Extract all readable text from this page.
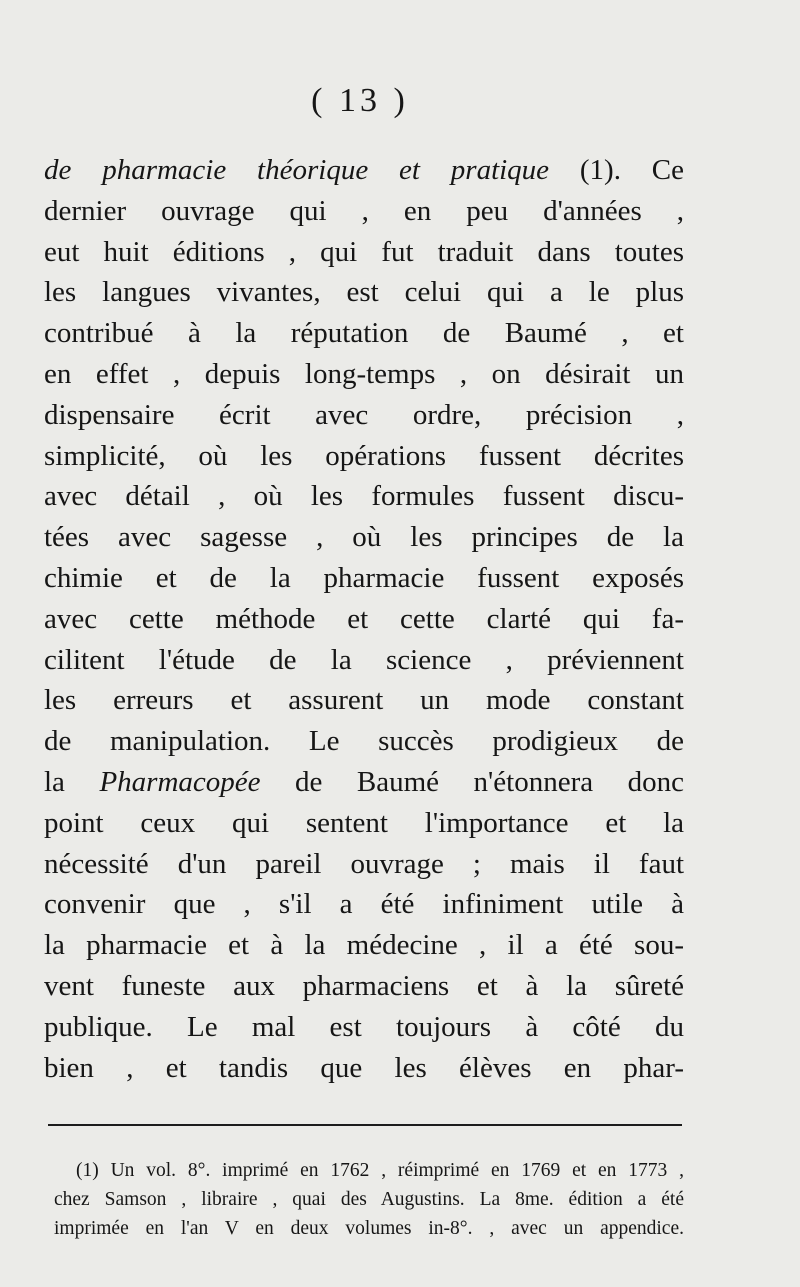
( 13 )
de pharmacie théorique et pratique (1). Ce
dernier ouvrage qui , en peu d'années ,
eut huit éditions , qui fut traduit dans toutes
les langues vivantes, est celui qui a le plus
contribué à la réputation de Baumé , et
en effet , depuis long-temps , on désirait un
dispensaire écrit avec ordre, précision ,
simplicité, où les opérations fussent décrites
avec détail , où les formules fussent discu-
tées avec sagesse , où les principes de la
chimie et de la pharmacie fussent exposés
avec cette méthode et cette clarté qui fa-
cilitent l'étude de la science , préviennent
les erreurs et assurent un mode constant
de manipulation. Le succès prodigieux de
la Pharmacopée de Baumé n'étonnera donc
point ceux qui sentent l'importance et la
nécessité d'un pareil ouvrage ; mais il faut
convenir que , s'il a été infiniment utile à
la pharmacie et à la médecine , il a été sou-
vent funeste aux pharmaciens et à la sûreté
publique. Le mal est toujours à côté du
bien , et tandis que les élèves en phar-
(1) Un vol. 8°. imprimé en 1762 , réimprimé en 1769 et en 1773 ,
chez Samson , libraire , quai des Augustins. La 8me. édition a été
imprimée en l'an V en deux volumes in-8°. , avec un appendice.
